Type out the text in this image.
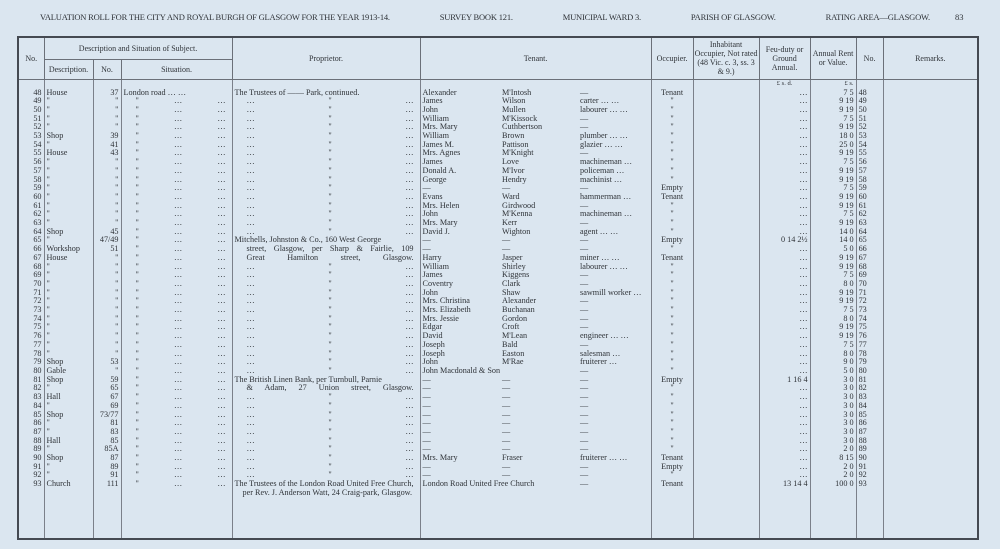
VALUATION ROLL FOR THE CITY AND ROYAL BURGH OF GLASGOW FOR THE YEAR 1913-14.	SURVEY BOOK 121.	MUNICIPAL WARD 3.	PARISH OF GLASGOW.	RATING AREA—GLASGOW.	83
No.	Description and Situation of Subject.			Proprietor.	Tenant.			Occupier.	Inhabitant Occupier, Not rated (48 Vic. c. 3, ss. 3 & 9.)	Feu-duty or Ground Annual.	Annual Rent or Value.	No.	Remarks.
	Description.	No.	Situation.										
										£ s. d.	£ s.		
48	House	37	London road … …	The Trustees of —— Park, continued.	Alexander	M'Intosh	—	Tenant		…	7 5	48	
49	"	"	" … …	… " …	James	Wilson	carter … …	"		…	9 19	49	
50	"	"	" … …	… " …	John	Mullen	labourer … …	"		…	9 19	50	
51	"	"	" … …	… " …	William	M'Kissock	—	"		…	7 5	51	
52	"	"	" … …	… " …	Mrs. Mary	Cuthbertson	—	"		…	9 19	52	
53	Shop	39	" … …	… " …	William	Brown	plumber … …	"		…	18 0	53	
54	"	41	" … …	… " …	James M.	Pattison	glazier … …	"		…	25 0	54	
55	House	43	" … …	… " …	Mrs. Agnes	M'Knight	—	"		…	9 19	55	
56	"	"	" … …	… " …	James	Love	machineman …	"		…	7 5	56	
57	"	"	" … …	… " …	Donald A.	M'Ivor	policeman …	"		…	9 19	57	
58	"	"	" … …	… " …	George	Hendry	machinist …	"		…	9 19	58	
59	"	"	" … …	… " …	—	—	—	Empty		…	7 5	59	
60	"	"	" … …	… " …	Evans	Ward	hammerman …	Tenant		…	9 19	60	
61	"	"	" … …	… " …	Mrs. Helen	Girdwood	—	"		…	9 19	61	
62	"	"	" … …	… " …	John	M'Kenna	machineman …	"		…	7 5	62	
63	"	"	" … …	… " …	Mrs. Mary	Kerr	—	"		…	9 19	63	
64	Shop	45	" … …	… " …	David J.	Wighton	agent … …	"		…	14 0	64	
65	"	47/49	" … …	Mitchells, Johnston & Co., 160 West George	—	—	—	Empty		0 14 2½	14 0	65	
66	Workshop	51	" … …	street, Glasgow, per Sharp & Fairlie, 109	—	—	—	"		…	5 0	66	
67	House	"	" … …	Great Hamilton street, Glasgow.	Harry	Jasper	miner … …	Tenant		…	9 19	67	
68	"	"	" … …	… " …	William	Shirley	labourer … …	"		…	9 19	68	
69	"	"	" … …	… " …	James	Kiggens	—	"		…	7 5	69	
70	"	"	" … …	… " …	Coventry	Clark	—	"		…	8 0	70	
71	"	"	" … …	… " …	John	Shaw	sawmill worker …	"		…	9 19	71	
72	"	"	" … …	… " …	Mrs. Christina	Alexander	—	"		…	9 19	72	
73	"	"	" … …	… " …	Mrs. Elizabeth	Buchanan	—	"		…	7 5	73	
74	"	"	" … …	… " …	Mrs. Jessie	Gordon	—	"		…	8 0	74	
75	"	"	" … …	… " …	Edgar	Croft	—	"		…	9 19	75	
76	"	"	" … …	… " …	David	M'Lean	engineer … …	"		…	9 19	76	
77	"	"	" … …	… " …	Joseph	Bald	—	"		…	7 5	77	
78	"	"	" … …	… " …	Joseph	Easton	salesman …	"		…	8 0	78	
79	Shop	53	" … …	… " …	John	M'Rae	fruiterer …	"		…	9 0	79	
80	Gable	"	" … …	… " …	John Macdonald & Son		—	"		…	5 0	80	
81	Shop	59	" … …	The British Linen Bank, per Turnbull, Parnie	—	—	—	Empty		1 16 4	3 0	81	
82	"	65	" … …	& Adam, 27 Union street, Glasgow.	—	—	—	"		…	3 0	82	
83	Hall	67	" … …	… " …	—	—	—	"		…	3 0	83	
84	"	69	" … …	… " …	—	—	—	"		…	3 0	84	
85	Shop	73/77	" … …	… " …	—	—	—	"		…	3 0	85	
86	"	81	" … …	… " …	—	—	—	"		…	3 0	86	
87	"	83	" … …	… " …	—	—	—	"		…	3 0	87	
88	Hall	85	" … …	… " …	—	—	—	"		…	3 0	88	
89	"	85A	" … …	… " …	—	—	—	"		…	2 0	89	
90	Shop	87	" … …	… " …	Mrs. Mary	Fraser	fruiterer … …	Tenant		…	8 15	90	
91	"	89	" … …	… " …	—	—	—	Empty		…	2 0	91	
92	"	91	" … …	… " …	—	—	—	"		…	2 0	92	
93	Church	111	" … …	The Trustees of the London Road United Free Church, per Rev. J. Anderson Watt, 24 Craig-park, Glasgow.	London Road United Free Church		—	Tenant		13 14 4	100 0	93	
